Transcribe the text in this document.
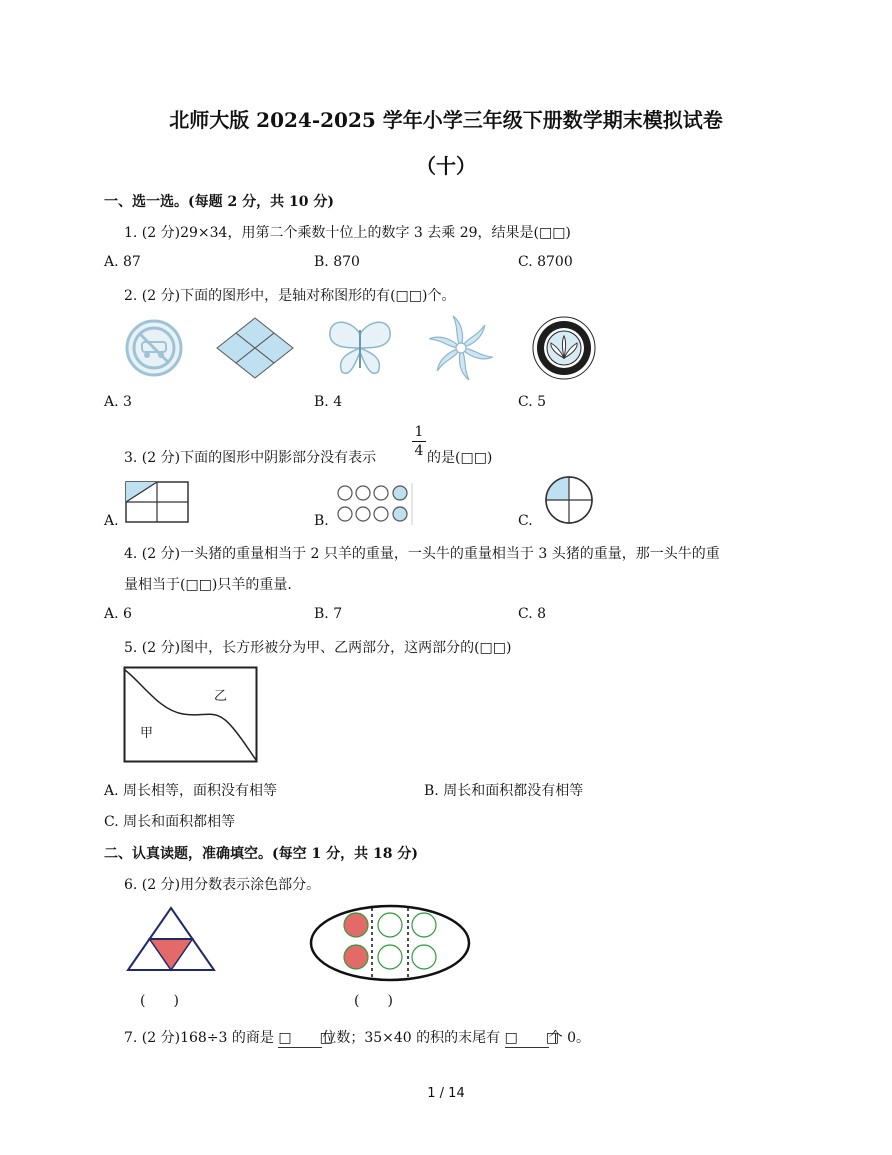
北师大版 2024-2025 学年小学三年级下册数学期末模拟试卷
（十）
一、选一选。(每题 2 分，共 10 分)
1. (2 分)29×34，用第二个乘数十位上的数字 3 去乘 29，结果是(□□)
A. 87	B. 870	C. 8700
2. (2 分)下面的图形中，是轴对称图形的有(□□)个。
A. 3	B. 4	C. 5
3. (2 分)下面的图形中阴影部分没有表示
1
4 的是(□□)
A.	B.	C.
4. (2 分)一头猪的重量相当于 2 只羊的重量，一头牛的重量相当于 3 头猪的重量，那一头牛的重
量相当于(□□)只羊的重量.
A. 6	B. 7	C. 8
5. (2 分)图中，长方形被分为甲、乙两部分，这两部分的(□□)
乙
甲
A. 周长相等，面积没有相等	B. 周长和面积都没有相等
C. 周长和面积都相等
二、认真读题，准确填空。(每空 1 分，共 18 分)
6. (2 分)用分数表示涂色部分。
(　　)	(　　)
7. (2 分)168÷3 的商是 □　　□位数；35×40 的积的末尾有 □　　□个 0。
1 / 14
